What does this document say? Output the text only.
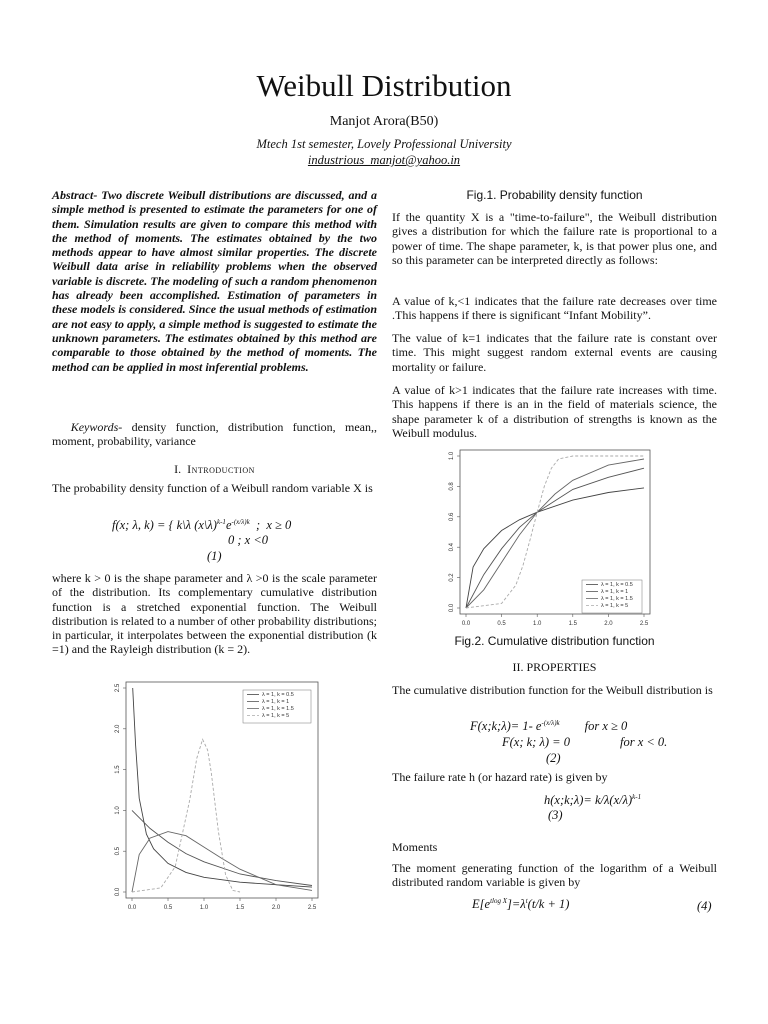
Weibull Distribution
Manjot Arora(B50)
Mtech 1st semester, Lovely Professional University
industrious_manjot@yahoo.in
Abstract- Two discrete Weibull distributions are discussed, and a simple method is presented to estimate the parameters for one of them. Simulation results are given to compare this method with the method of moments. The estimates obtained by the two methods appear to have almost similar properties. The discrete Weibull data arise in reliability problems when the observed variable is discrete. The modeling of such a random phenomenon has already been accomplished. Estimation of parameters in these models is considered. Since the usual methods of estimation are not easy to apply, a simple method is suggested to estimate the unknown parameters. The estimates obtained by this method are comparable to those obtained by the method of moments. The method can be applied in most inferential problems.
Keywords- density function, distribution function, mean,, moment, probability, variance
I. Introduction

The probability density function of a Weibull random variable X is

f(x; λ, k) = { k\λ $(x\backslash\lambda)^{k-1}e^{-(x/\lambda)k}$  ;  x ≥ 0
0 ; x <0
(1)

where k > 0 is the shape parameter and λ >0 is the scale parameter of the distribution. Its complementary cumulative distribution function is a stretched exponential function. The Weibull distribution is related to a number of other probability distributions; in particular, it interpolates between the exponential distribution (k =1) and the Rayleigh distribution (k = 2).

0.0	0.5	1.0	1.5	2.0	2.5
0.0
0.5
1.0
1.5
2.0
2.5
λ = 1, k = 0.5
λ = 1, k = 1
λ = 1, k = 1.5
λ = 1, k = 5
Fig.1. Probability density function

If the quantity X is a "time-to-failure", the Weibull distribution gives a distribution for which the failure rate is proportional to a power of time. The shape parameter, k, is that power plus one, and so this parameter can be interpreted directly as follows:

A value of k,<1 indicates that the failure rate decreases over time .This happens if there is significant “Infant Mobility”.

The value of k=1 indicates that the failure rate is constant over time. This might suggest random external events are causing mortality or failure.

A value of k>1 indicates that the failure rate increases with time. This happens if there is an in the field of materials science, the shape parameter k of a distribution of strengths is known as the Weibull modulus.

0.0	0.5	1.0	1.5	2.0	2.5
0.0
0.2
0.4
0.6
0.8
1.0
λ = 1, k = 0.5
λ = 1, k = 1
λ = 1, k = 1.5
λ = 1, k = 5
Fig.2. Cumulative distribution function
II. PROPERTIES

The cumulative distribution function for the Weibull distribution is

F(x;k;λ)= 1- $e^{-(x/\lambda)k}$        for x ≥ 0
F(x; k; λ) = 0                for x < 0.
(2)

The failure rate h (or hazard rate) is given by

h(x;k;λ)= $k/\lambda(x/\lambda)^{k-1}$
(3)
Moments

The moment generating function of the logarithm of a Weibull distributed random variable is given by

$E[e^{tlog X}]=\lambda^t(t/k + 1)$	(4)
